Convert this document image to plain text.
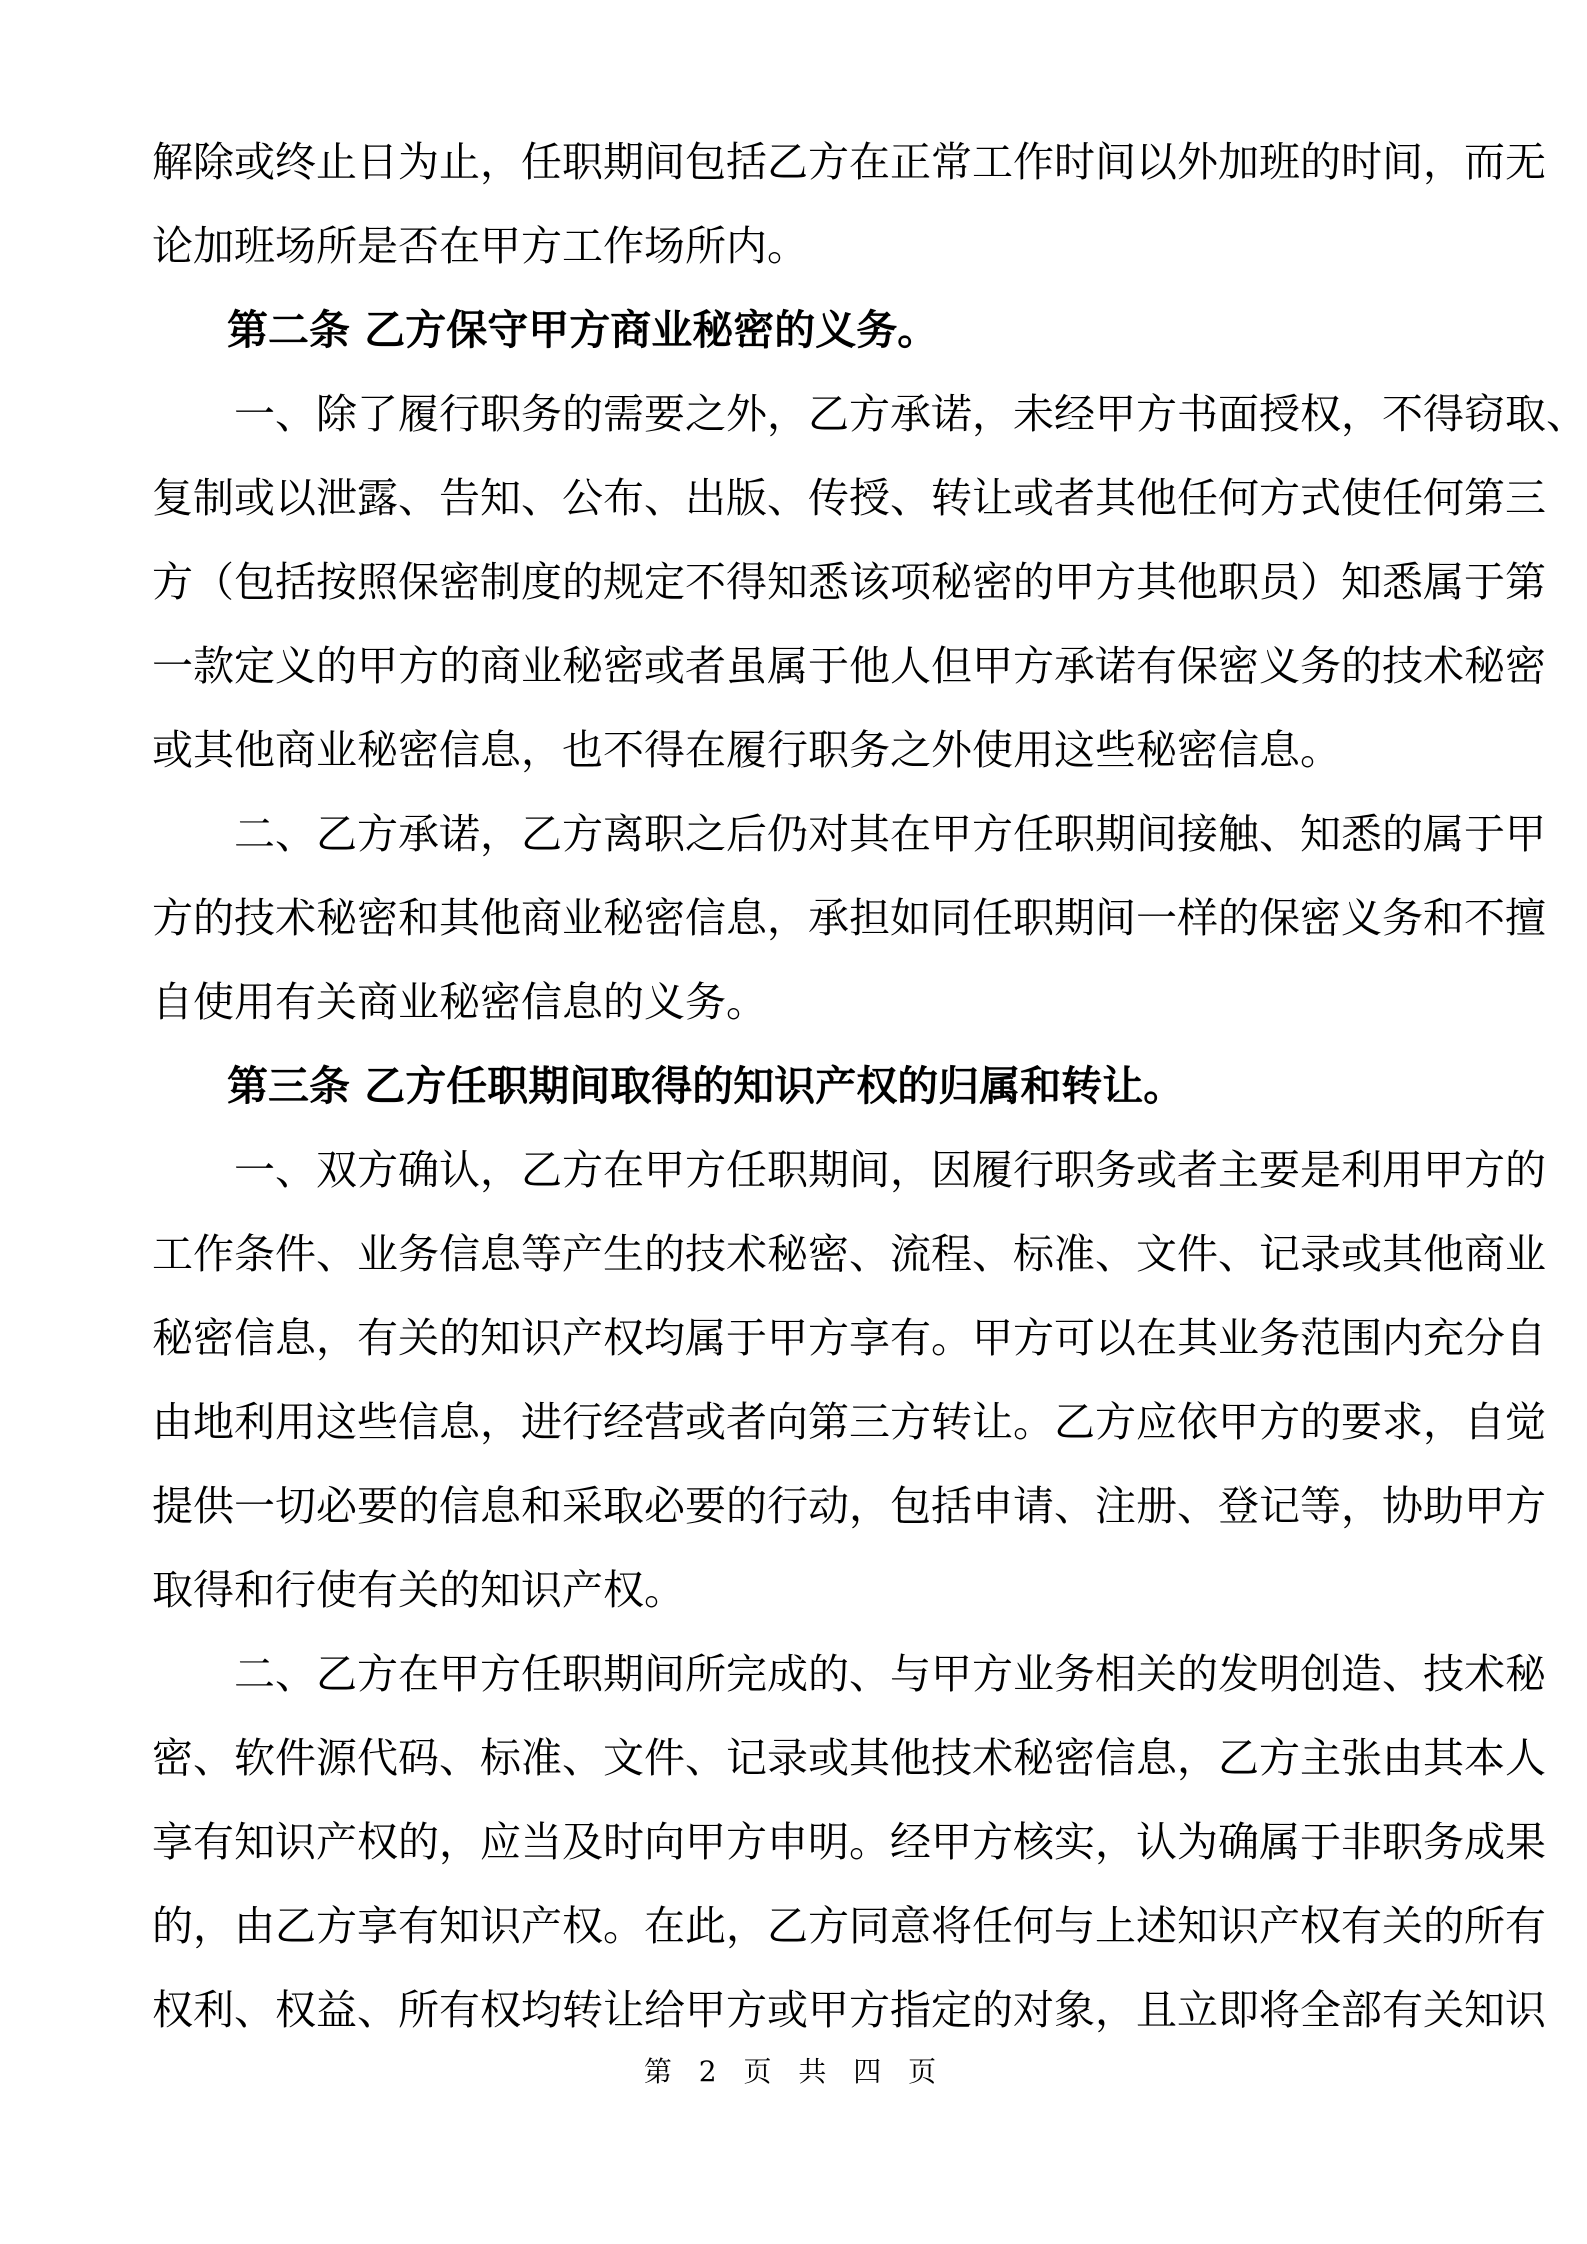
解除或终止日为止，任职期间包括乙方在正常工作时间以外加班的时间，而无
论加班场所是否在甲方工作场所内。
第二条 乙方保守甲方商业秘密的义务。
一、除了履行职务的需要之外，乙方承诺，未经甲方书面授权，不得窃取、
复制或以泄露、告知、公布、出版、传授、转让或者其他任何方式使任何第三
方（包括按照保密制度的规定不得知悉该项秘密的甲方其他职员）知悉属于第
一款定义的甲方的商业秘密或者虽属于他人但甲方承诺有保密义务的技术秘密
或其他商业秘密信息，也不得在履行职务之外使用这些秘密信息。
二、乙方承诺，乙方离职之后仍对其在甲方任职期间接触、知悉的属于甲
方的技术秘密和其他商业秘密信息，承担如同任职期间一样的保密义务和不擅
自使用有关商业秘密信息的义务。
第三条 乙方任职期间取得的知识产权的归属和转让。
一、双方确认，乙方在甲方任职期间，因履行职务或者主要是利用甲方的
工作条件、业务信息等产生的技术秘密、流程、标准、文件、记录或其他商业
秘密信息，有关的知识产权均属于甲方享有。甲方可以在其业务范围内充分自
由地利用这些信息，进行经营或者向第三方转让。乙方应依甲方的要求，自觉
提供一切必要的信息和采取必要的行动，包括申请、注册、登记等，协助甲方
取得和行使有关的知识产权。
二、乙方在甲方任职期间所完成的、与甲方业务相关的发明创造、技术秘
密、软件源代码、标准、文件、记录或其他技术秘密信息，乙方主张由其本人
享有知识产权的，应当及时向甲方申明。经甲方核实，认为确属于非职务成果
的，由乙方享有知识产权。在此，乙方同意将任何与上述知识产权有关的所有
权利、权益、所有权均转让给甲方或甲方指定的对象，且立即将全部有关知识
第 2 页 共 四 页
